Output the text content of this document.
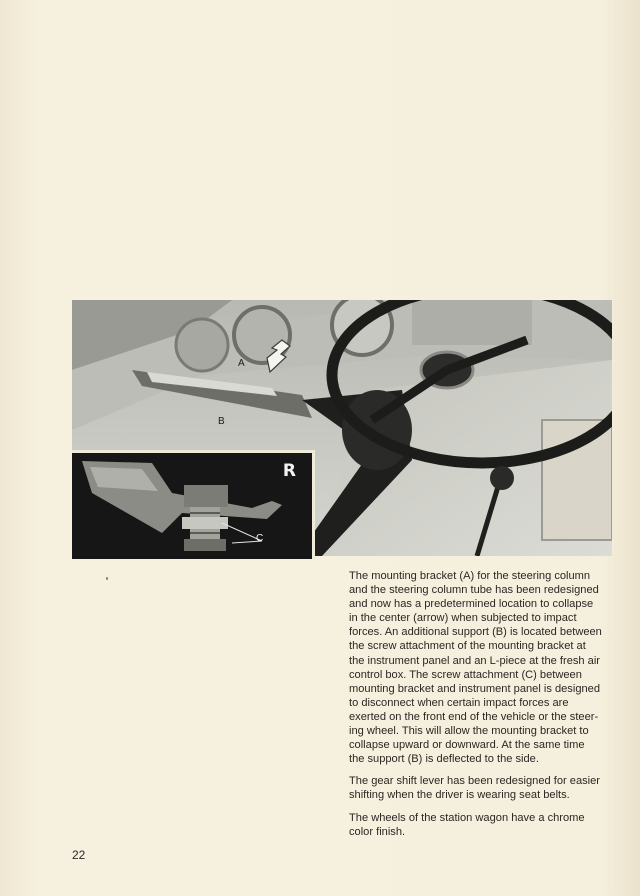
A
B
R
C

The mounting bracket (A) for the steering column
and the steering column tube has been redesigned
and now has a predetermined location to collapse
in the center (arrow) when subjected to impact
forces. An additional support (B) is located between
the screw attachment of the mounting bracket at
the instrument panel and an L-piece at the fresh air
control box. The screw attachment (C) between
mounting bracket and instrument panel is designed
to disconnect when certain impact forces are
exerted on the front end of the vehicle or the steer-
ing wheel. This will allow the mounting bracket to
collapse upward or downward. At the same time
the support (B) is deflected to the side.

The gear shift lever has been redesigned for easier
shifting when the driver is wearing seat belts.

The wheels of the station wagon have a chrome
color finish.

22
